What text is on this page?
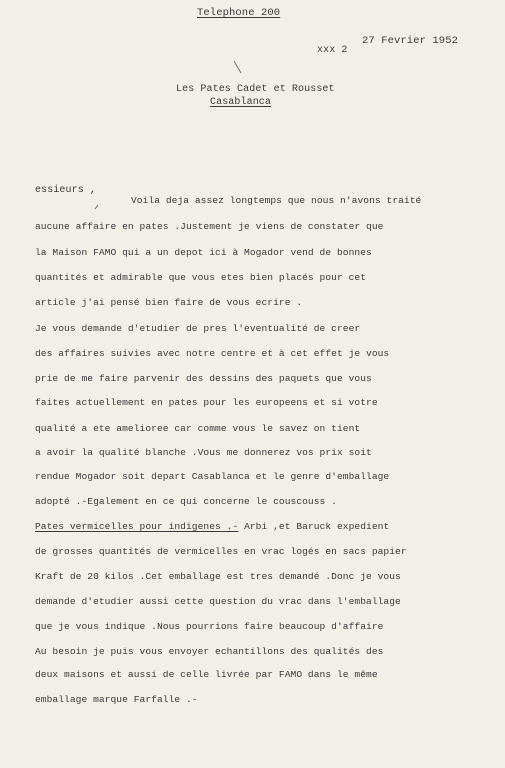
Telephone 200
27 Fevrier 1952
xxx 2
Les Pates Cadet et Rousset
Casablanca
essieurs ,
Voila deja assez longtemps que nous n'avons traité
aucune affaire en pates .Justement je viens de constater que
la Maison FAMO qui a un depot ici à Mogador vend de bonnes
quantités et admirable que vous etes bien placés pour cet
article j'ai pensé bien faire de vous ecrire .
Je vous demande d'etudier de pres l'eventualité de creer
des affaires suivies avec notre centre et à cet effet je vous
prie de me faire parvenir des dessins des paquets que vous
faites actuellement en pates pour les europeens et si votre
qualité a ete amelioree car comme vous le savez on tient
a avoir la qualité blanche .Vous me donnerez vos prix soit
rendue Mogador soit depart Casablanca et le genre d'emballage
adopté .-Egalement en ce qui concerne le couscouss .
Pates vermicelles pour indigenes .- Arbi ,et Baruck expedient
de grosses quantités de vermicelles en vrac logés en sacs papier
Kraft de 20 kilos .Cet emballage est tres demandé .Donc je vous
demande d'etudier aussi cette question du vrac dans l'emballage
que je vous indique .Nous pourrions faire beaucoup d'affaire
Au besoin je puis vous envoyer echantillons des qualités des
deux maisons et aussi de celle livrée par FAMO dans le même
emballage marque Farfalle .-
